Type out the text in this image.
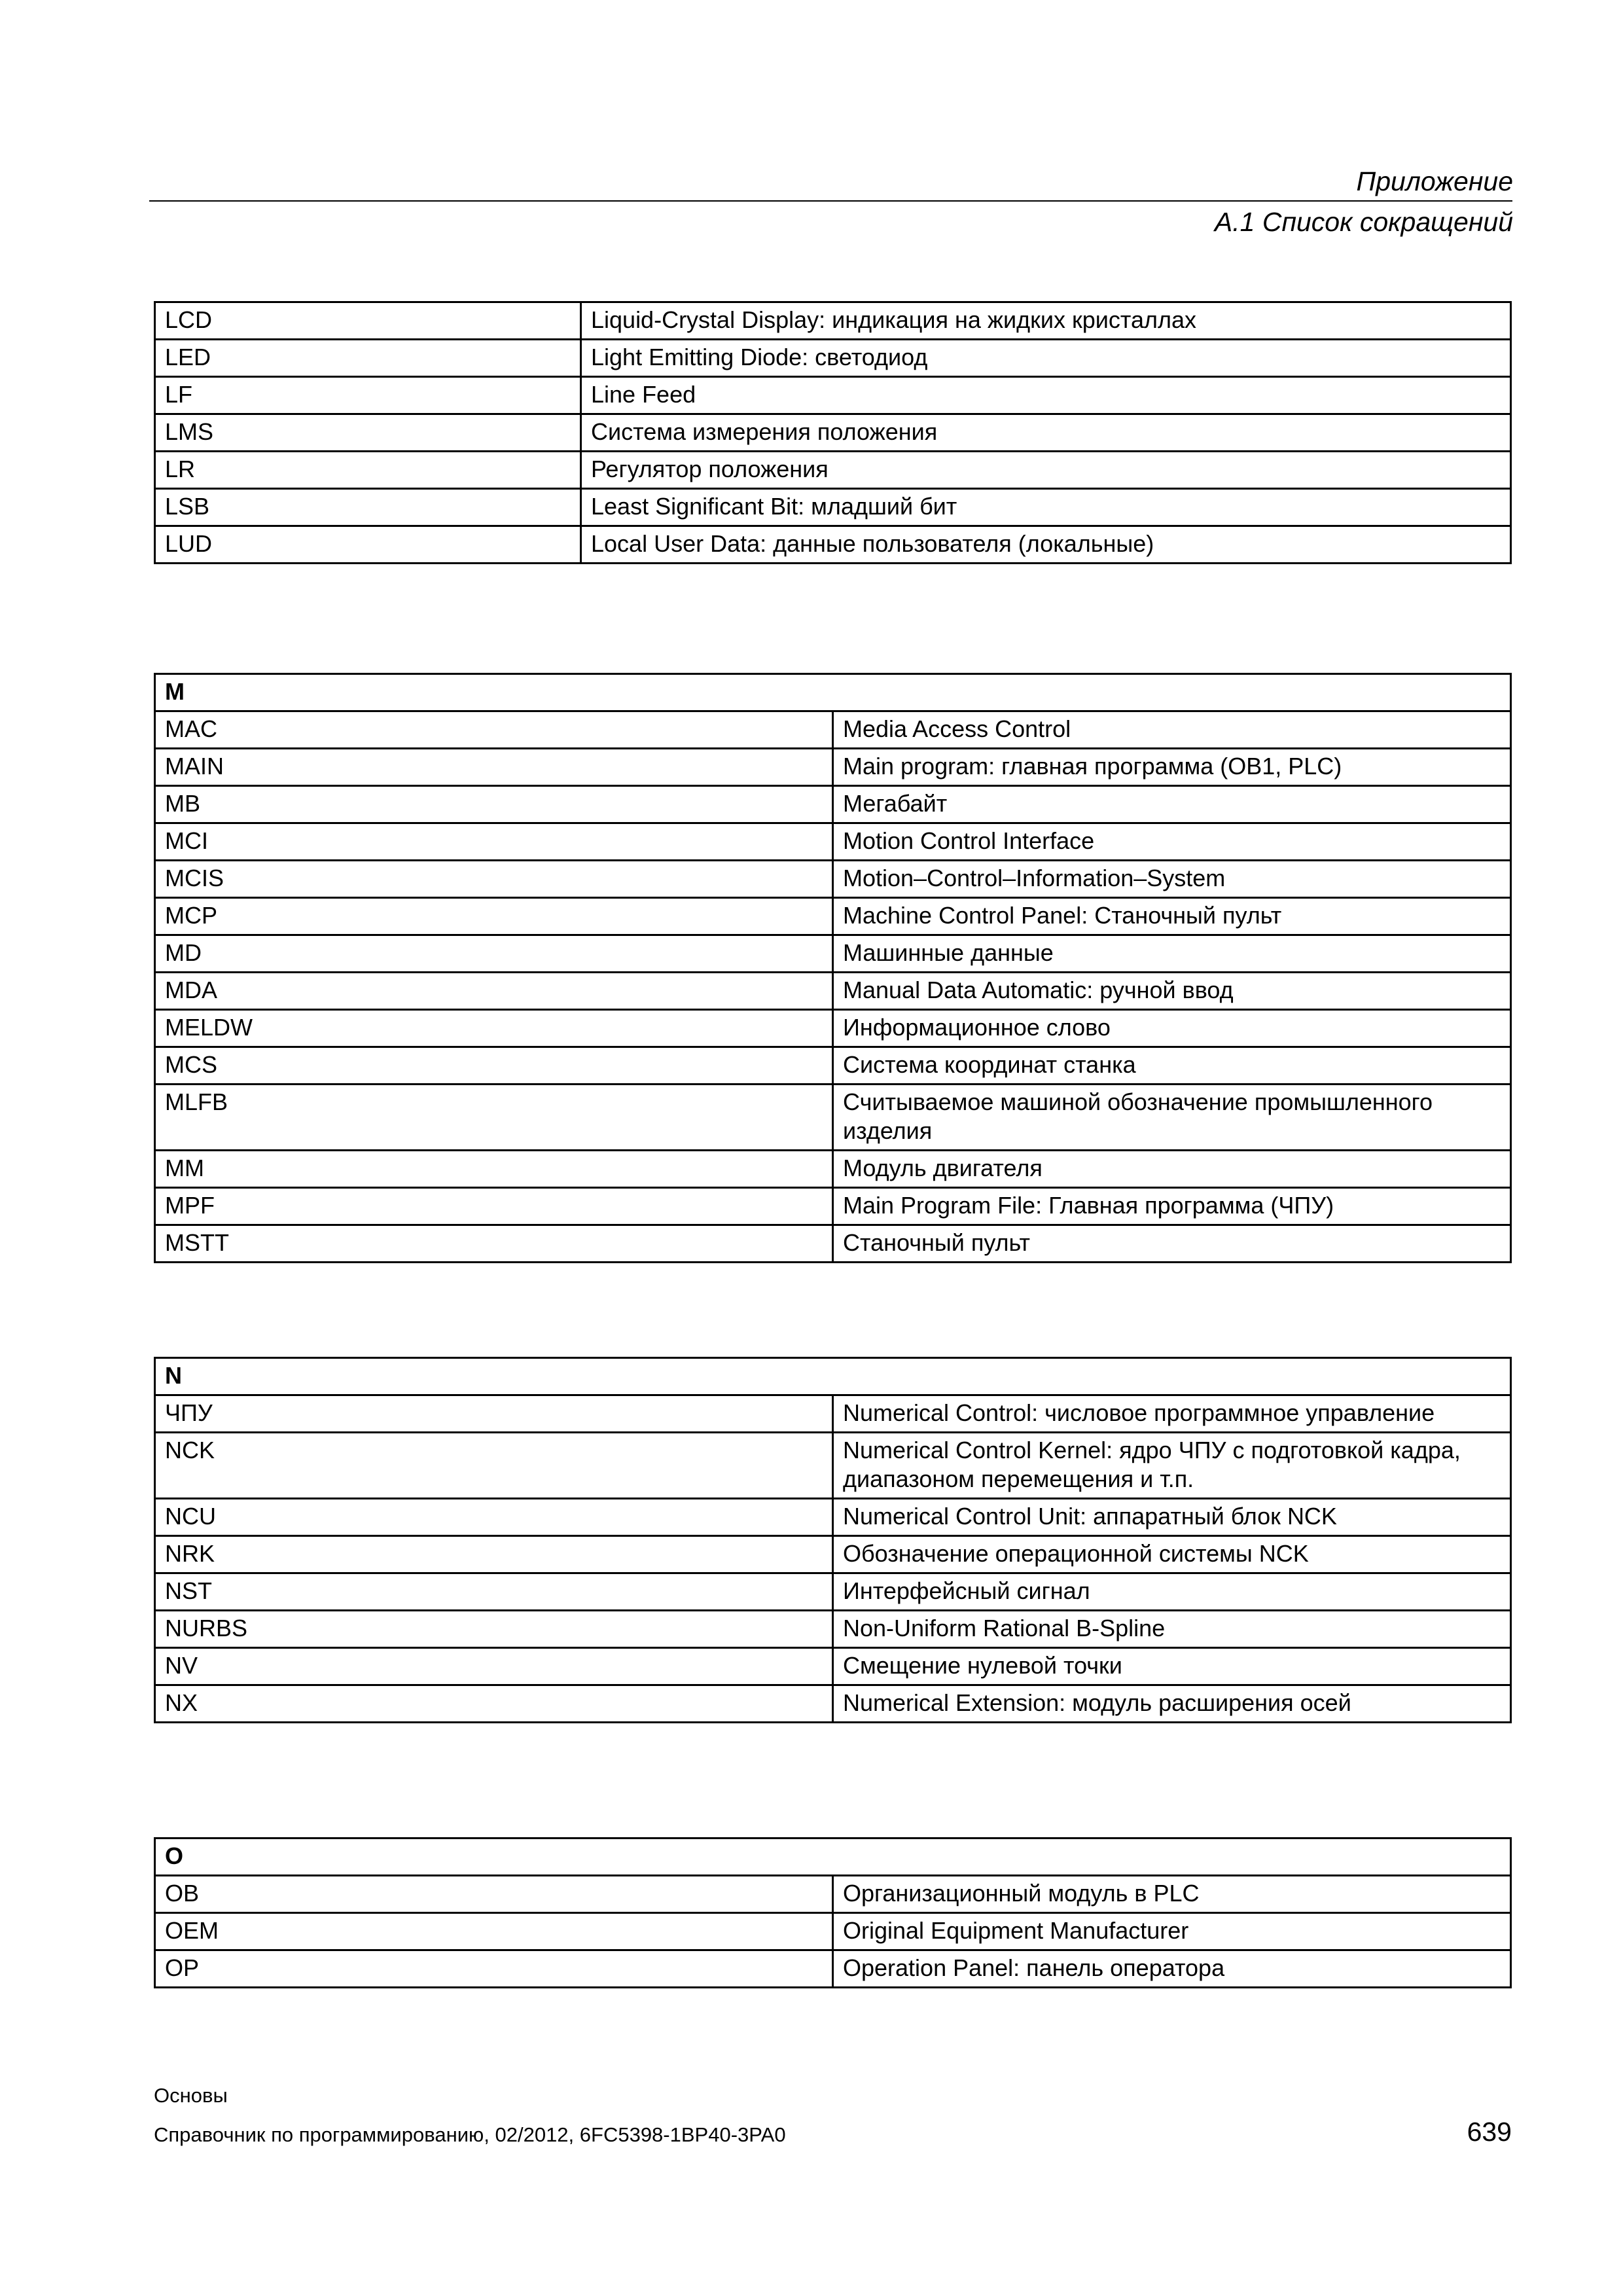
Приложение
A.1 Список сокращений
LCD	Liquid-Crystal Display: индикация на жидких кристаллах
LED	Light Emitting Diode: светодиод
LF	Line Feed
LMS	Система измерения положения
LR	Регулятор положения
LSB	Least Significant Bit: младший бит
LUD	Local User Data: данные пользователя (локальные)
M	
MAC	Media Access Control
MAIN	Main program: главная программа (OB1, PLC)
MB	Мегабайт
MCI	Motion Control Interface
MCIS	Motion–Control–Information–System
MCP	Machine Control Panel: Станочный пульт
MD	Машинные данные
MDA	Manual Data Automatic: ручной ввод
MELDW	Информационное слово
MCS	Система координат станка
MLFB	Считываемое машиной обозначение промышленного изделия
MM	Модуль двигателя
MPF	Main Program File: Главная программа (ЧПУ)
MSTT	Станочный пульт
N	
ЧПУ	Numerical Control: числовое программное управление
NCK	Numerical Control Kernel: ядро ЧПУ с подготовкой кадра, диапазоном перемещения и т.п.
NCU	Numerical Control Unit: аппаратный блок NCK
NRK	Обозначение операционной системы NCK
NST	Интерфейсный сигнал
NURBS	Non-Uniform Rational B-Spline
NV	Смещение нулевой точки
NX	Numerical Extension: модуль расширения осей
O	
OB	Организационный модуль в PLC
OEM	Original Equipment Manufacturer
OP	Operation Panel: панель оператора
Основы
Справочник по программированию, 02/2012, 6FC5398-1BP40-3PA0	639
